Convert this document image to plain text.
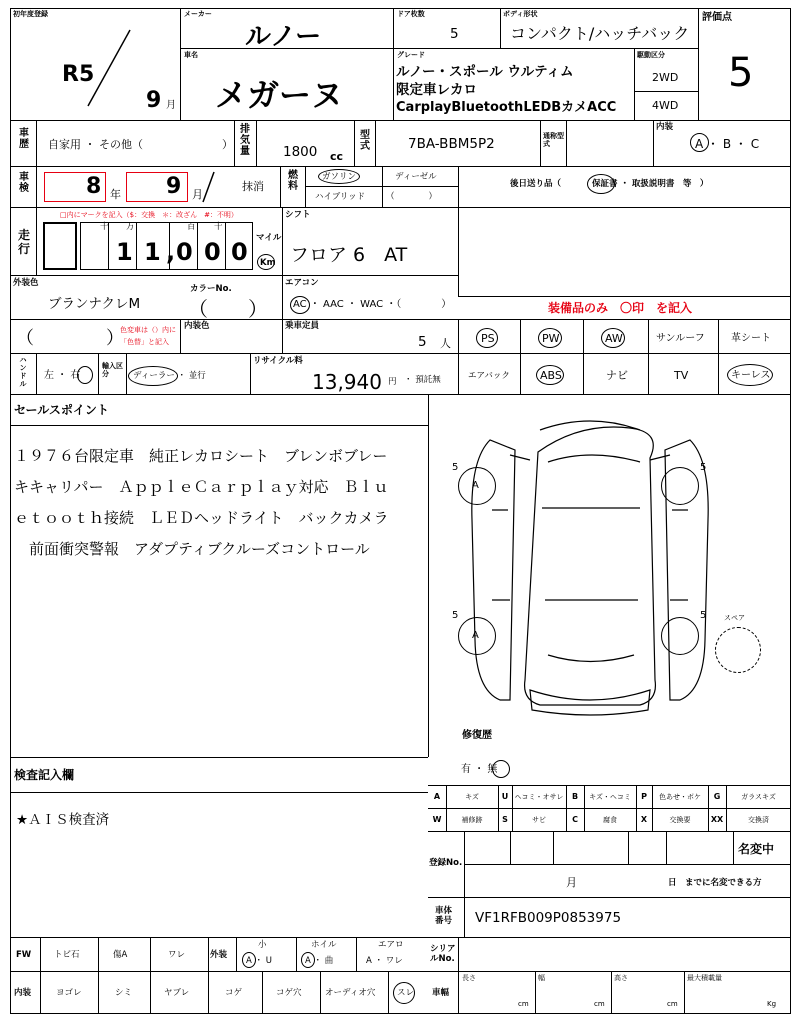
初年度登録
R5
9 月
メーカー
ルノー
車名
メガーヌ
ドア枚数
5
ボディ形状
コンパクト/ハッチバック
グレード
ルノー・スポール ウルティム
限定車レカロ
CarplayBluetoothLEDBカメACC
駆動区分
2WD
4WD
評価点
5
車歴 自家用 ・ その他（	）
排気量 1800 cc
型式	7BA-BBM5P2	通称型式
内装
A ・ B ・ C
車検	8 年 9 月
抹消
燃料
ガソリン	ディーゼル
ハイブリッド （　　　　）
後日送り品（	保証書 ・ 取扱説明書　等　）
□内にマークを記入（$：交換　＊：改ざん　#：不明）
走行
十 万	百 十
1 1 , 0 0 0 マイル
Km
シフト
フロア 6　AT
外装色
ブランナクレM
カラーNo.
（　　）
エアコン
AC ・ AAC ・ WAC ・（　　　　）	装備品のみ　〇印　を記入
（　　　　）
色変車は（）内に
「色替」と記入
内装色	乗車定員
5 人	PS	PW	AW	サンルーフ	革シート
ハンドル
左 ・ 右
輸入区分	ディーラー ・ 並行
リサイクル料
13,940 円 ・ 預託無	エアバック	ABS	ナビ	TV	キーレス
セールスポイント
１９７６台限定車　純正レカロシート　ブレンボブレー
キキャリパー　ＡｐｐｌｅＣａｒｐｌａｙ対応　Ｂｌｕ
ｅｔｏｏｔｈ接続　ＬＥＤヘッドライト　バックカメラ
　前面衝突警報　アダプティブクルーズコントロール
A
A
スペア
5	5
5	5
修復歴
有 ・ 無
検査記入欄
★ＡＩＳ検査済
A	キズ	U ヘコミ・オサレ	B	キズ・ヘコミ	P	色あせ・ボケ	G	ガラスキズ
W	補修跡	S	サビ	C	腐食	X	交換要	XX	交換済
登録No.
名変中
月	日　までに名変できる方
車体番号	VF1RFB009P0853975
FW	トビ石	傷A	ワレ	外装
小
A ・ U
ホイル
A ・ 曲
エアロ
A ・ ワレ
シリアルNo.
内装	ヨゴレ	シミ	ヤブレ	コゲ	コゲ穴	オーディオ穴	スレ 車幅
長さ
cm
幅
cm
高さ
cm
最大積載量
Kg
